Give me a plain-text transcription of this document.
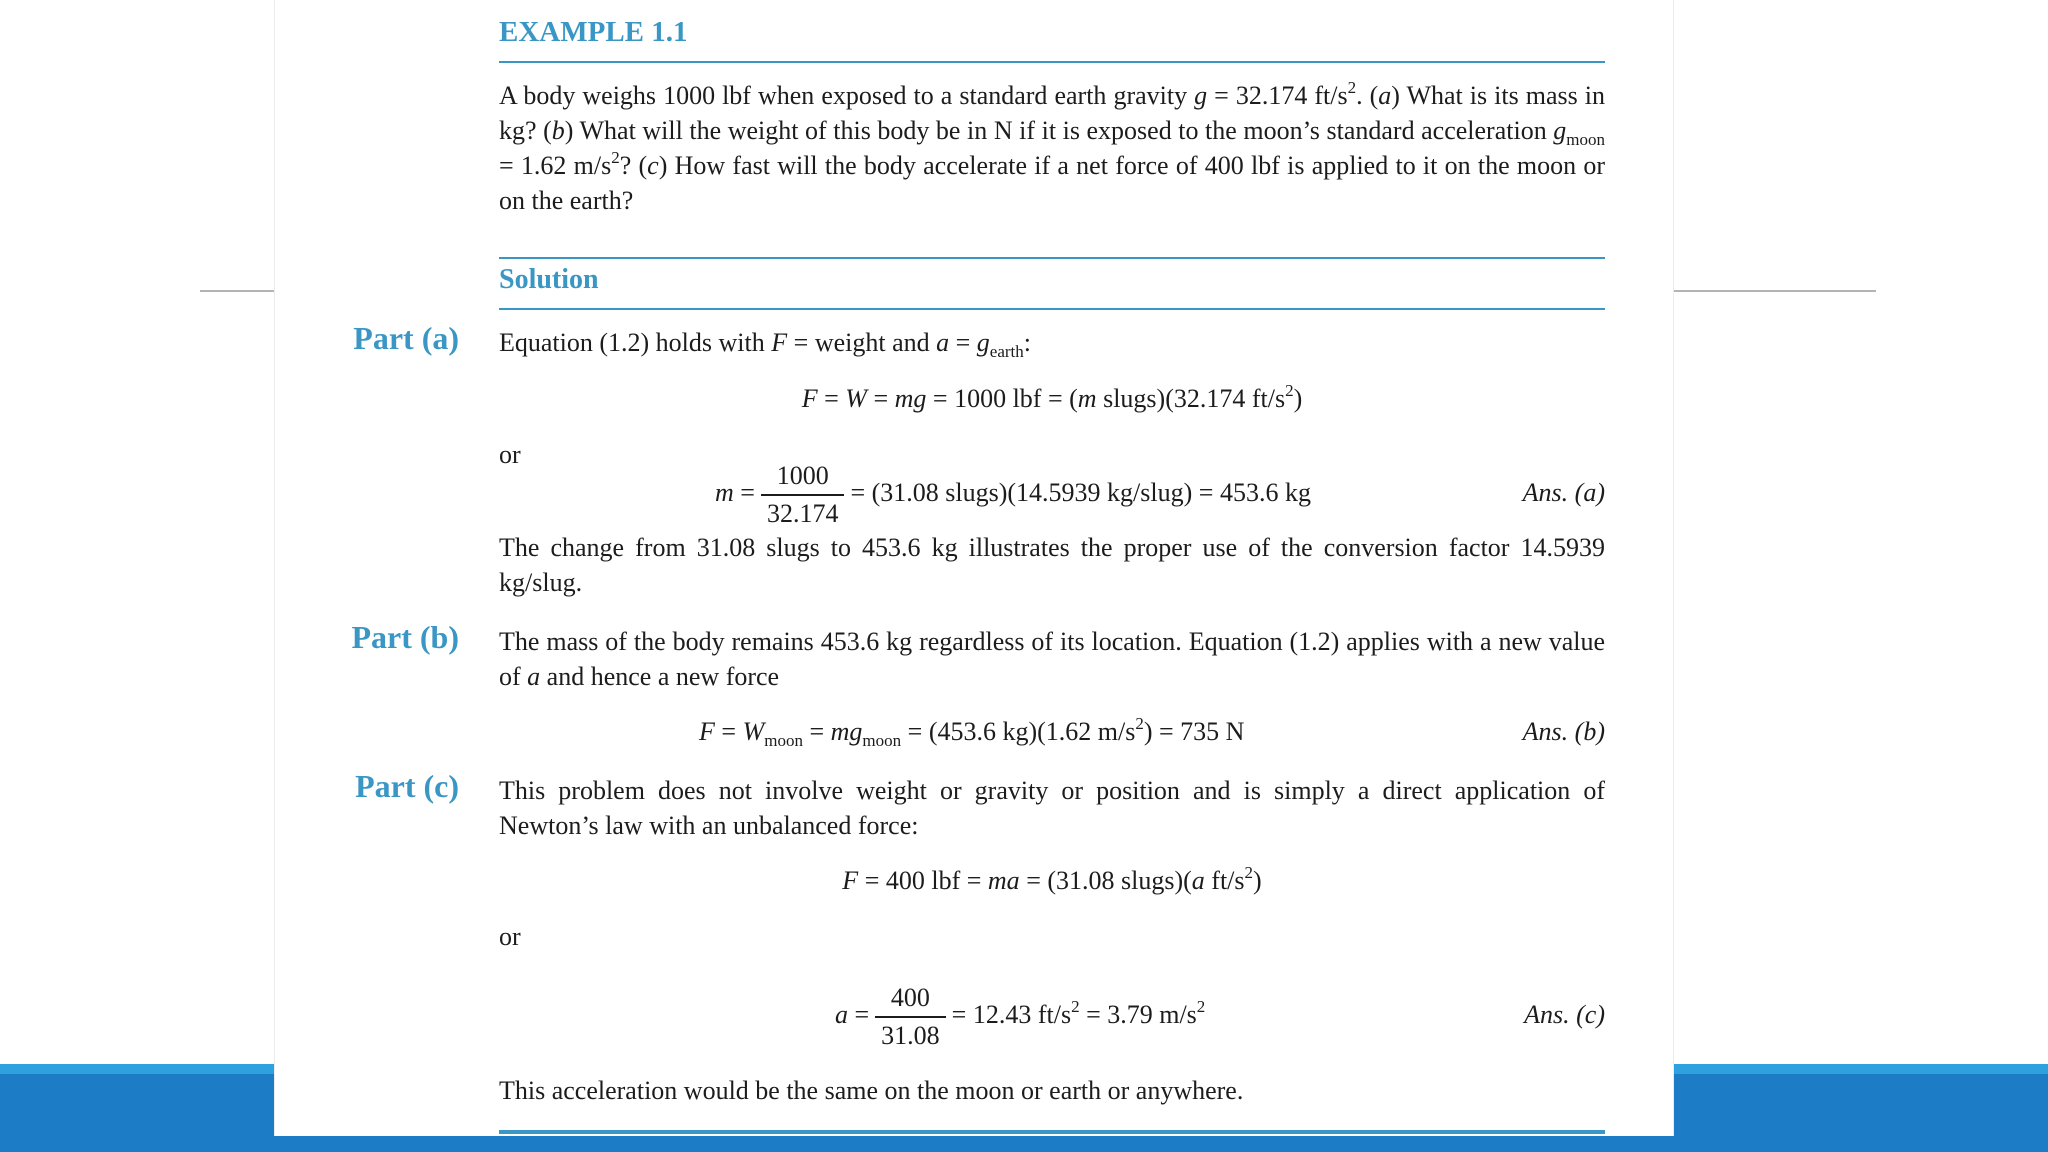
EXAMPLE 1.1
A body weighs 1000 lbf when exposed to a standard earth gravity g = 32.174 $ft/s^2$. (a) What is its mass in kg? (b) What will the weight of this body be in N if it is exposed to the moon’s standard acceleration $g_{moon} = 1.62$ $m/s^2$? (c) How fast will the body accelerate if a net force of 400 lbf is applied to it on the moon or on the earth?
Solution
Part (a) Equation (1.2) holds with F = weight and $a = g_{earth}$:
F = W = mg = 1000 lbf = (m slugs)(32.174 $ft/s^2$)
or
$m = \frac{1000}{32.174} = (31.08$ slugs)(14.5939 kg/slug) = 453.6 kg	Ans. (a)
The change from 31.08 slugs to 453.6 kg illustrates the proper use of the conversion factor 14.5939 kg/slug.
Part (b) The mass of the body remains 453.6 kg regardless of its location. Equation (1.2) applies with a new value of a and hence a new force
$F = W_{moon} = mg_{moon} = (453.6$ kg)(1.62 $m/s^2) = 735$ N	Ans. (b)
Part (c) This problem does not involve weight or gravity or position and is simply a direct application of Newton’s law with an unbalanced force:
F = 400 lbf = ma = (31.08 slugs)(a $ft/s^2$)
or
$a = \frac{400}{31.08} = 12.43$ $ft/s^2 = 3.79$ $m/s^2$	Ans. (c)
This acceleration would be the same on the moon or earth or anywhere.
